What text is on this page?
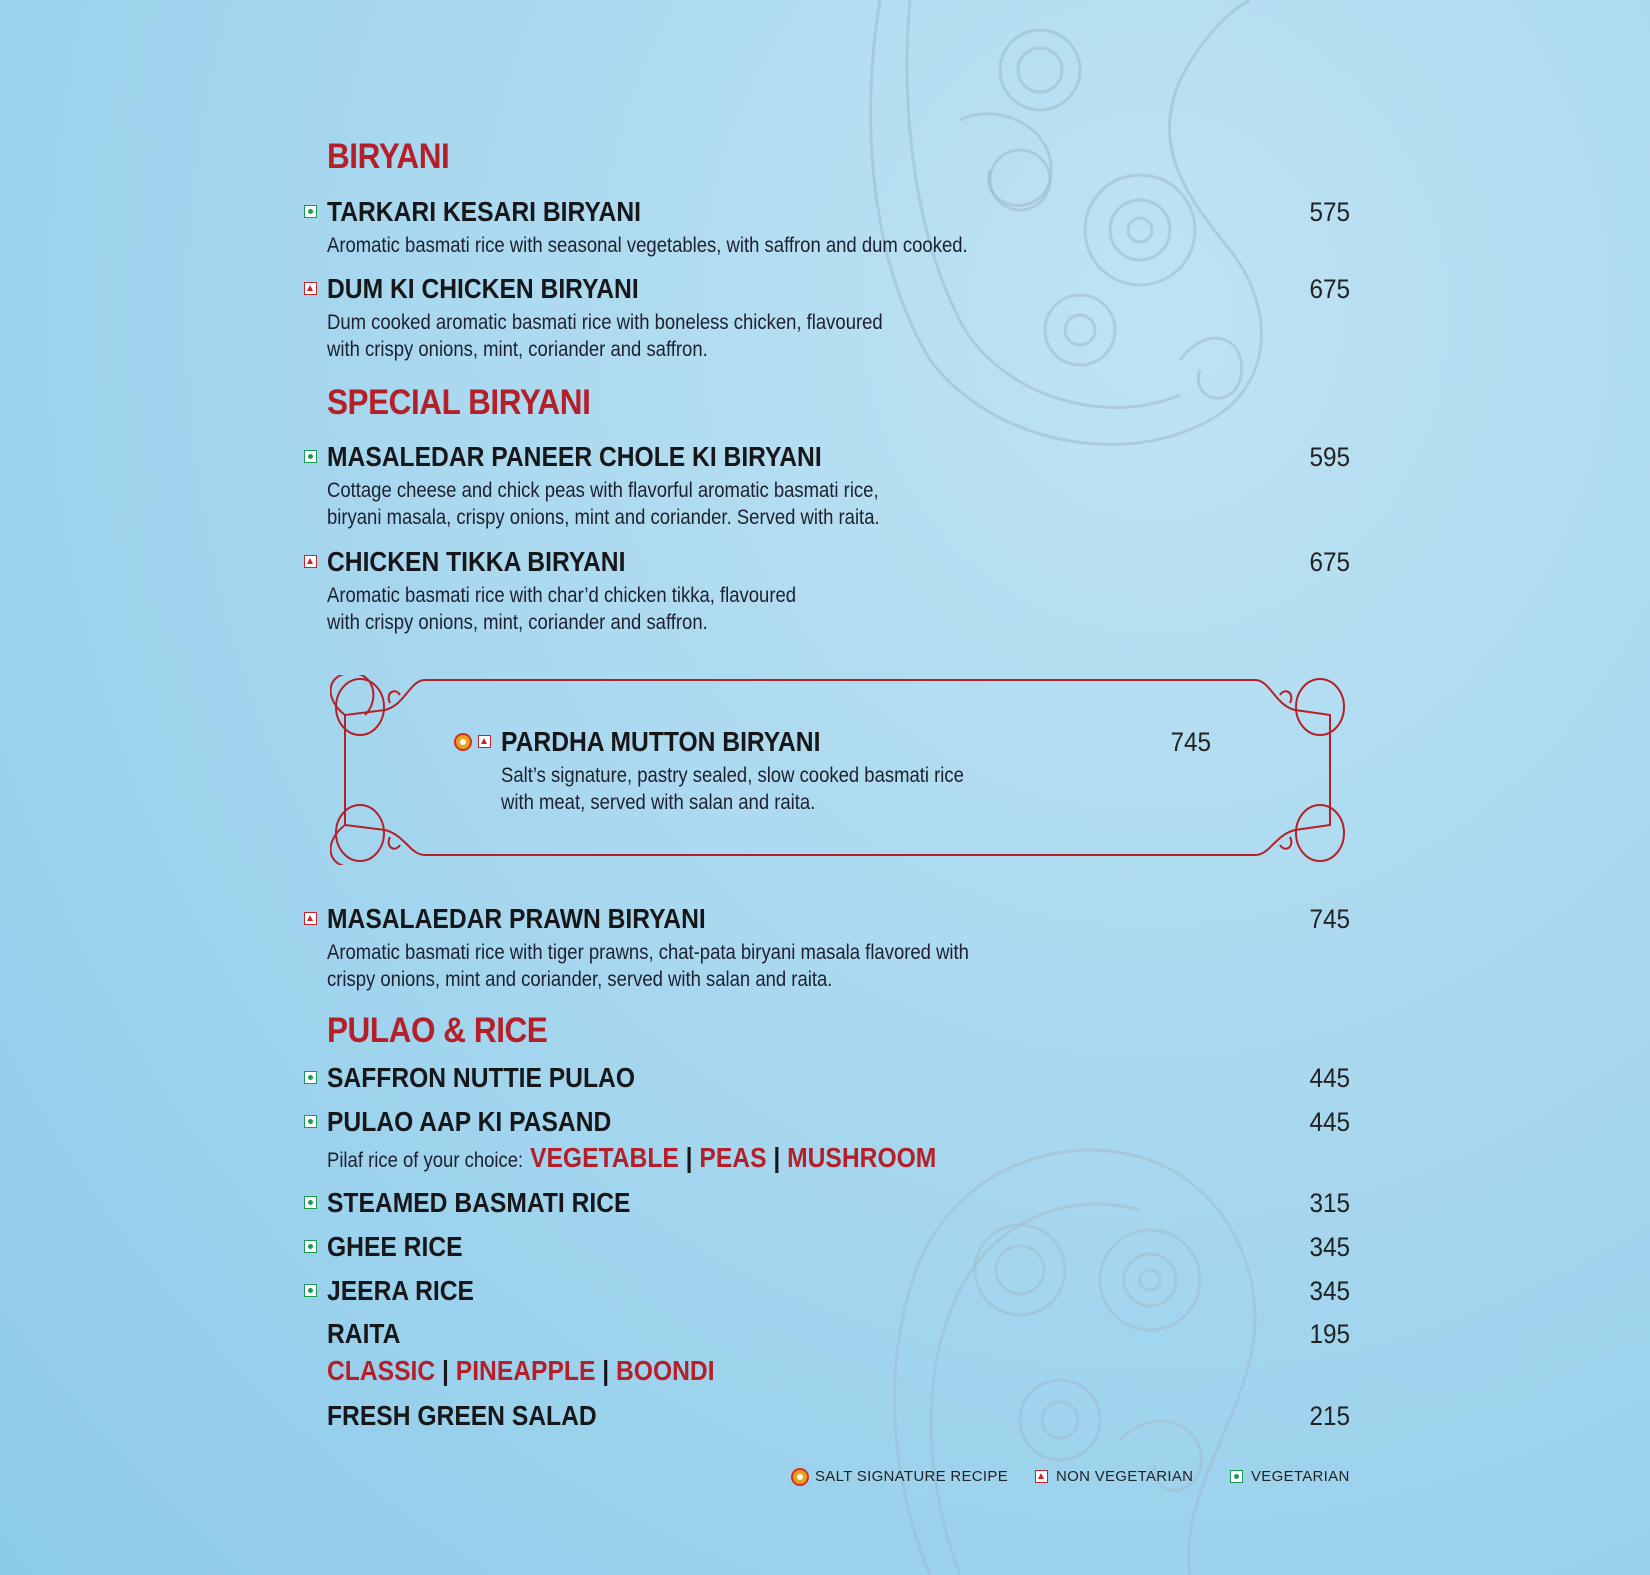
BIRYANI
TARKARI KESARI BIRYANI	575
Aromatic basmati rice with seasonal vegetables, with saffron and dum cooked.
DUM KI CHICKEN BIRYANI	675
Dum cooked aromatic basmati rice with boneless chicken, flavoured
with crispy onions, mint, coriander and saffron.
SPECIAL BIRYANI
MASALEDAR PANEER CHOLE KI BIRYANI	595
Cottage cheese and chick peas with flavorful aromatic basmati rice,
biryani masala, crispy onions, mint and coriander. Served with raita.
CHICKEN TIKKA BIRYANI	675
Aromatic basmati rice with char’d chicken tikka, flavoured
with crispy onions, mint, coriander and saffron.
PARDHA MUTTON BIRYANI	745
Salt’s signature, pastry sealed, slow cooked basmati rice
with meat, served with salan and raita.
MASALAEDAR PRAWN BIRYANI	745
Aromatic basmati rice with tiger prawns, chat-pata biryani masala flavored with
crispy onions, mint and coriander, served with salan and raita.
PULAO & RICE
SAFFRON NUTTIE PULAO	445
PULAO AAP KI PASAND	445
Pilaf rice of your choice: VEGETABLE | PEAS | MUSHROOM
STEAMED BASMATI RICE	315
GHEE RICE	345
JEERA RICE	345
RAITA	195
CLASSIC | PINEAPPLE | BOONDI
FRESH GREEN SALAD	215
SALT SIGNATURE RECIPE	NON VEGETARIAN	VEGETARIAN
